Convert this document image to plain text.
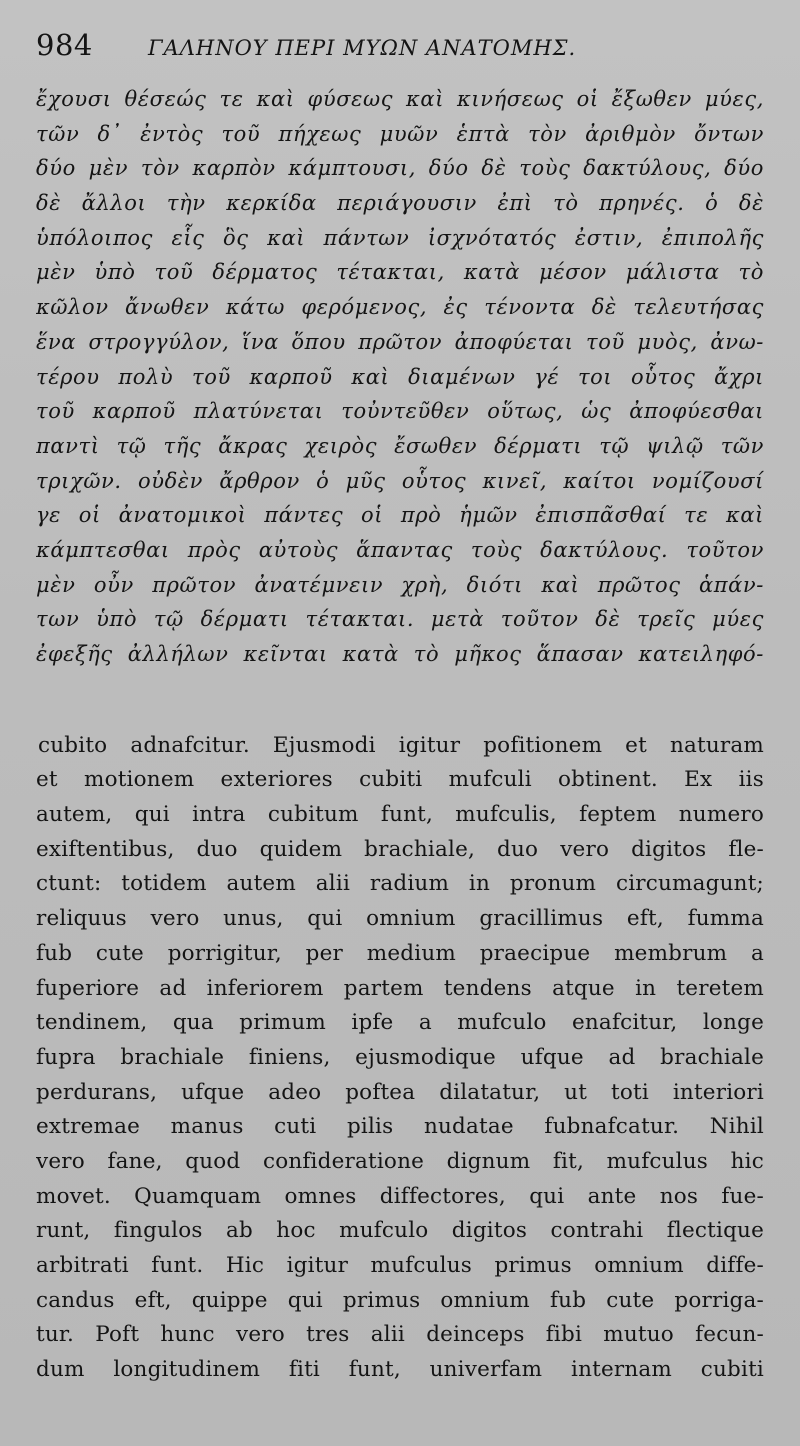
984	ΓΑΛΗΝΟΥ ΠΕΡΙ ΜΥΩΝ ΑΝΑΤΟΜΗΣ.
ἔχουσι θέσεώς τε καὶ φύσεως καὶ κινήσεως οἱ ἔξωθεν μύες,
τῶν δ᾿ ἐντὸς τοῦ πήχεως μυῶν ἑπτὰ τὸν ἀριθμὸν ὄντων
δύο μὲν τὸν καρπὸν κάμπτουσι, δύο δὲ τοὺς δακτύλους, δύο
δὲ ἄλλοι τὴν κερκίδα περιάγουσιν ἐπὶ τὸ πρηνές. ὁ δὲ
ὑπόλοιπος εἷς ὃς καὶ πάντων ἰσχνότατός ἐστιν, ἐπιπολῆς
μὲν ὑπὸ τοῦ δέρματος τέτακται, κατὰ μέσον μάλιστα τὸ
κῶλον ἄνωθεν κάτω φερόμενος, ἐς τένοντα δὲ τελευτήσας
ἕνα στρογγύλον, ἵνα ὅπου πρῶτον ἀποφύεται τοῦ μυὸς, ἀνω-
τέρου πολὺ τοῦ καρποῦ καὶ διαμένων γέ τοι οὗτος ἄχρι
τοῦ καρποῦ πλατύνεται τοὐντεῦθεν οὕτως, ὡς ἀποφύεσθαι
παντὶ τῷ τῆς ἄκρας χειρὸς ἔσωθεν δέρματι τῷ ψιλῷ τῶν
τριχῶν. οὐδὲν ἄρθρον ὁ μῦς οὗτος κινεῖ, καίτοι νομίζουσί
γε οἱ ἀνατομικοὶ πάντες οἱ πρὸ ἡμῶν ἐπισπᾶσθαί τε καὶ
κάμπτεσθαι πρὸς αὐτοὺς ἅπαντας τοὺς δακτύλους. τοῦτον
μὲν οὖν πρῶτον ἀνατέμνειν χρὴ, διότι καὶ πρῶτος ἁπάν-
των ὑπὸ τῷ δέρματι τέτακται. μετὰ τοῦτον δὲ τρεῖς μύες
ἐφεξῆς ἀλλήλων κεῖνται κατὰ τὸ μῆκος ἅπασαν κατειληφό-
cubito adnafcitur. Ejusmodi igitur pofitionem et naturam
et motionem exteriores cubiti mufculi obtinent. Ex iis
autem, qui intra cubitum funt, mufculis, feptem numero
exiftentibus, duo quidem brachiale, duo vero digitos fle-
ctunt: totidem autem alii radium in pronum circumagunt;
reliquus vero unus, qui omnium gracillimus eft, fumma
fub cute porrigitur, per medium praecipue membrum a
fuperiore ad inferiorem partem tendens atque in teretem
tendinem, qua primum ipfe a mufculo enafcitur, longe
fupra brachiale finiens, ejusmodique ufque ad brachiale
perdurans, ufque adeo poftea dilatatur, ut toti interiori
extremae manus cuti pilis nudatae fubnafcatur. Nihil
vero fane, quod confideratione dignum fit, mufculus hic
movet. Quamquam omnes diffectores, qui ante nos fue-
runt, fingulos ab hoc mufculo digitos contrahi flectique
arbitrati funt. Hic igitur mufculus primus omnium diffe-
candus eft, quippe qui primus omnium fub cute porriga-
tur. Poft hunc vero tres alii deinceps fibi mutuo fecun-
dum longitudinem fiti funt, univerfam internam cubiti
